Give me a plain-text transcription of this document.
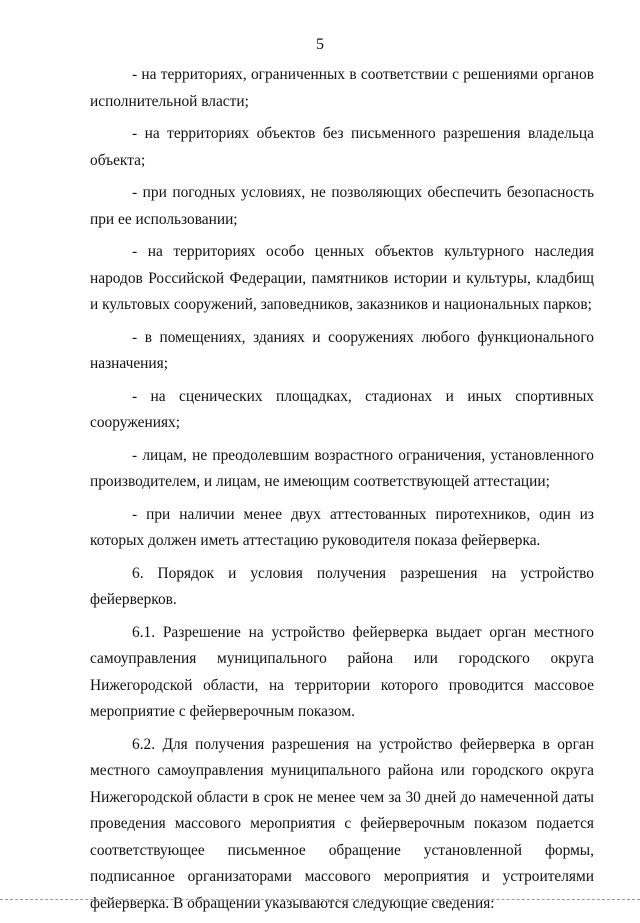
5

- на территориях, ограниченных в соответствии с решениями органов исполнительной власти;

- на территориях объектов без письменного разрешения владельца объекта;

- при погодных условиях, не позволяющих обеспечить безопасность при ее использовании;

- на территориях особо ценных объектов культурного наследия народов Российской Федерации, памятников истории и культуры, кладбищ и культовых сооружений, заповедников, заказников и национальных парков;

- в помещениях, зданиях и сооружениях любого функционального назначения;

- на сценических площадках, стадионах и иных спортивных сооружениях;

- лицам, не преодолевшим возрастного ограничения, установленного производителем, и лицам, не имеющим соответствующей аттестации;

- при наличии менее двух аттестованных пиротехников, один из которых должен иметь аттестацию руководителя показа фейерверка.

6. Порядок и условия получения разрешения на устройство фейерверков.

6.1. Разрешение на устройство фейерверка выдает орган местного самоуправления муниципального района или городского округа Нижегородской области, на территории которого проводится массовое мероприятие с фейерверочным показом.

6.2. Для получения разрешения на устройство фейерверка в орган местного самоуправления муниципального района или городского округа Нижегородской области в срок не менее чем за 30 дней до намеченной даты проведения массового мероприятия с фейерверочным показом подается соответствующее письменное обращение установленной формы, подписанное организаторами массового мероприятия и устроителями фейерверка. В обращении указываются следующие сведения:
